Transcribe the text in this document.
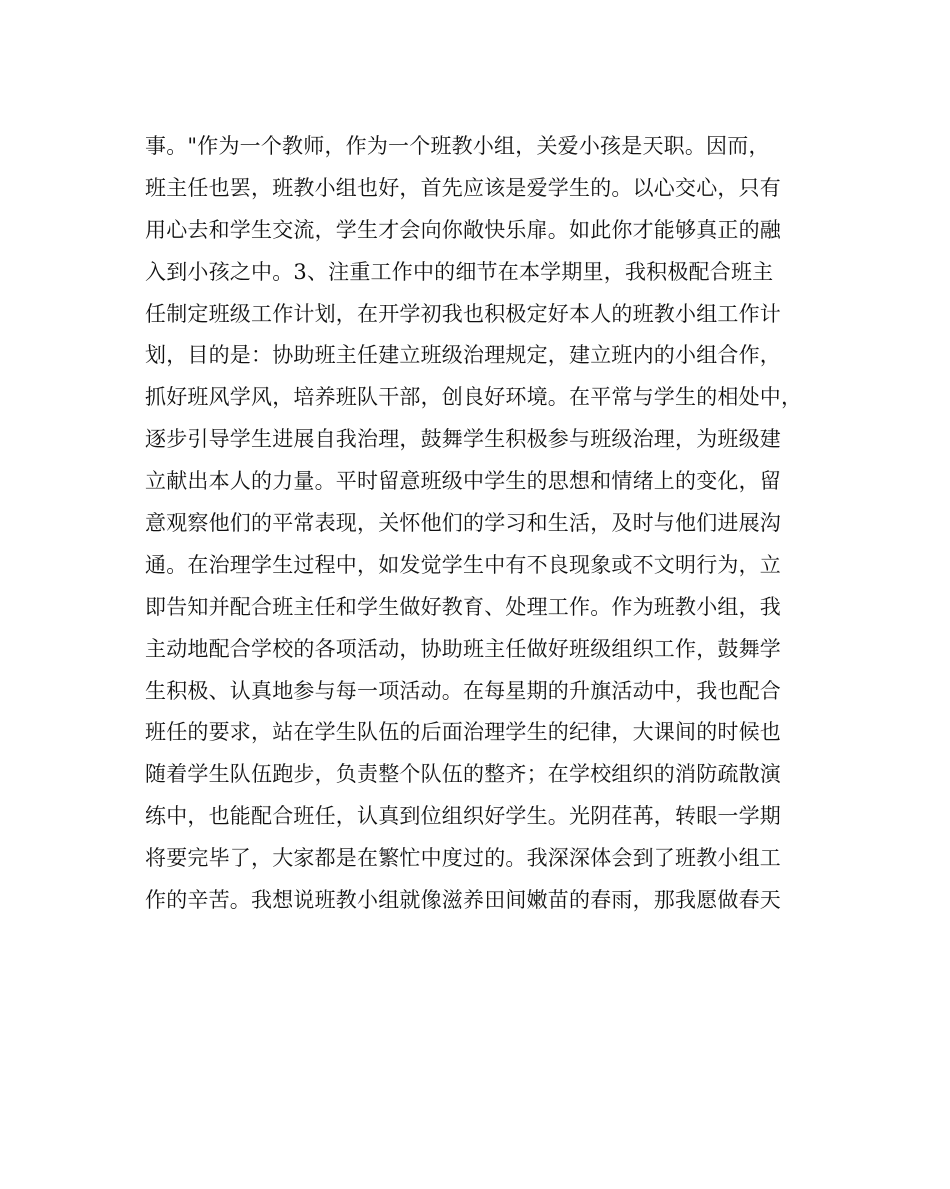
事。"作为一个教师，作为一个班教小组，关爱小孩是天职。因而，
班主任也罢，班教小组也好，首先应该是爱学生的。以心交心，只有
用心去和学生交流，学生才会向你敞快乐扉。如此你才能够真正的融
入到小孩之中。3、注重工作中的细节在本学期里，我积极配合班主
任制定班级工作计划，在开学初我也积极定好本人的班教小组工作计
划，目的是：协助班主任建立班级治理规定，建立班内的小组合作，
抓好班风学风，培养班队干部，创良好环境。在平常与学生的相处中，
逐步引导学生进展自我治理，鼓舞学生积极参与班级治理，为班级建
立献出本人的力量。平时留意班级中学生的思想和情绪上的变化，留
意观察他们的平常表现，关怀他们的学习和生活，及时与他们进展沟
通。在治理学生过程中，如发觉学生中有不良现象或不文明行为，立
即告知并配合班主任和学生做好教育、处理工作。作为班教小组，我
主动地配合学校的各项活动，协助班主任做好班级组织工作，鼓舞学
生积极、认真地参与每一项活动。在每星期的升旗活动中，我也配合
班任的要求，站在学生队伍的后面治理学生的纪律，大课间的时候也
随着学生队伍跑步，负责整个队伍的整齐；在学校组织的消防疏散演
练中，也能配合班任，认真到位组织好学生。光阴荏苒，转眼一学期
将要完毕了，大家都是在繁忙中度过的。我深深体会到了班教小组工
作的辛苦。我想说班教小组就像滋养田间嫩苗的春雨，那我愿做春天
